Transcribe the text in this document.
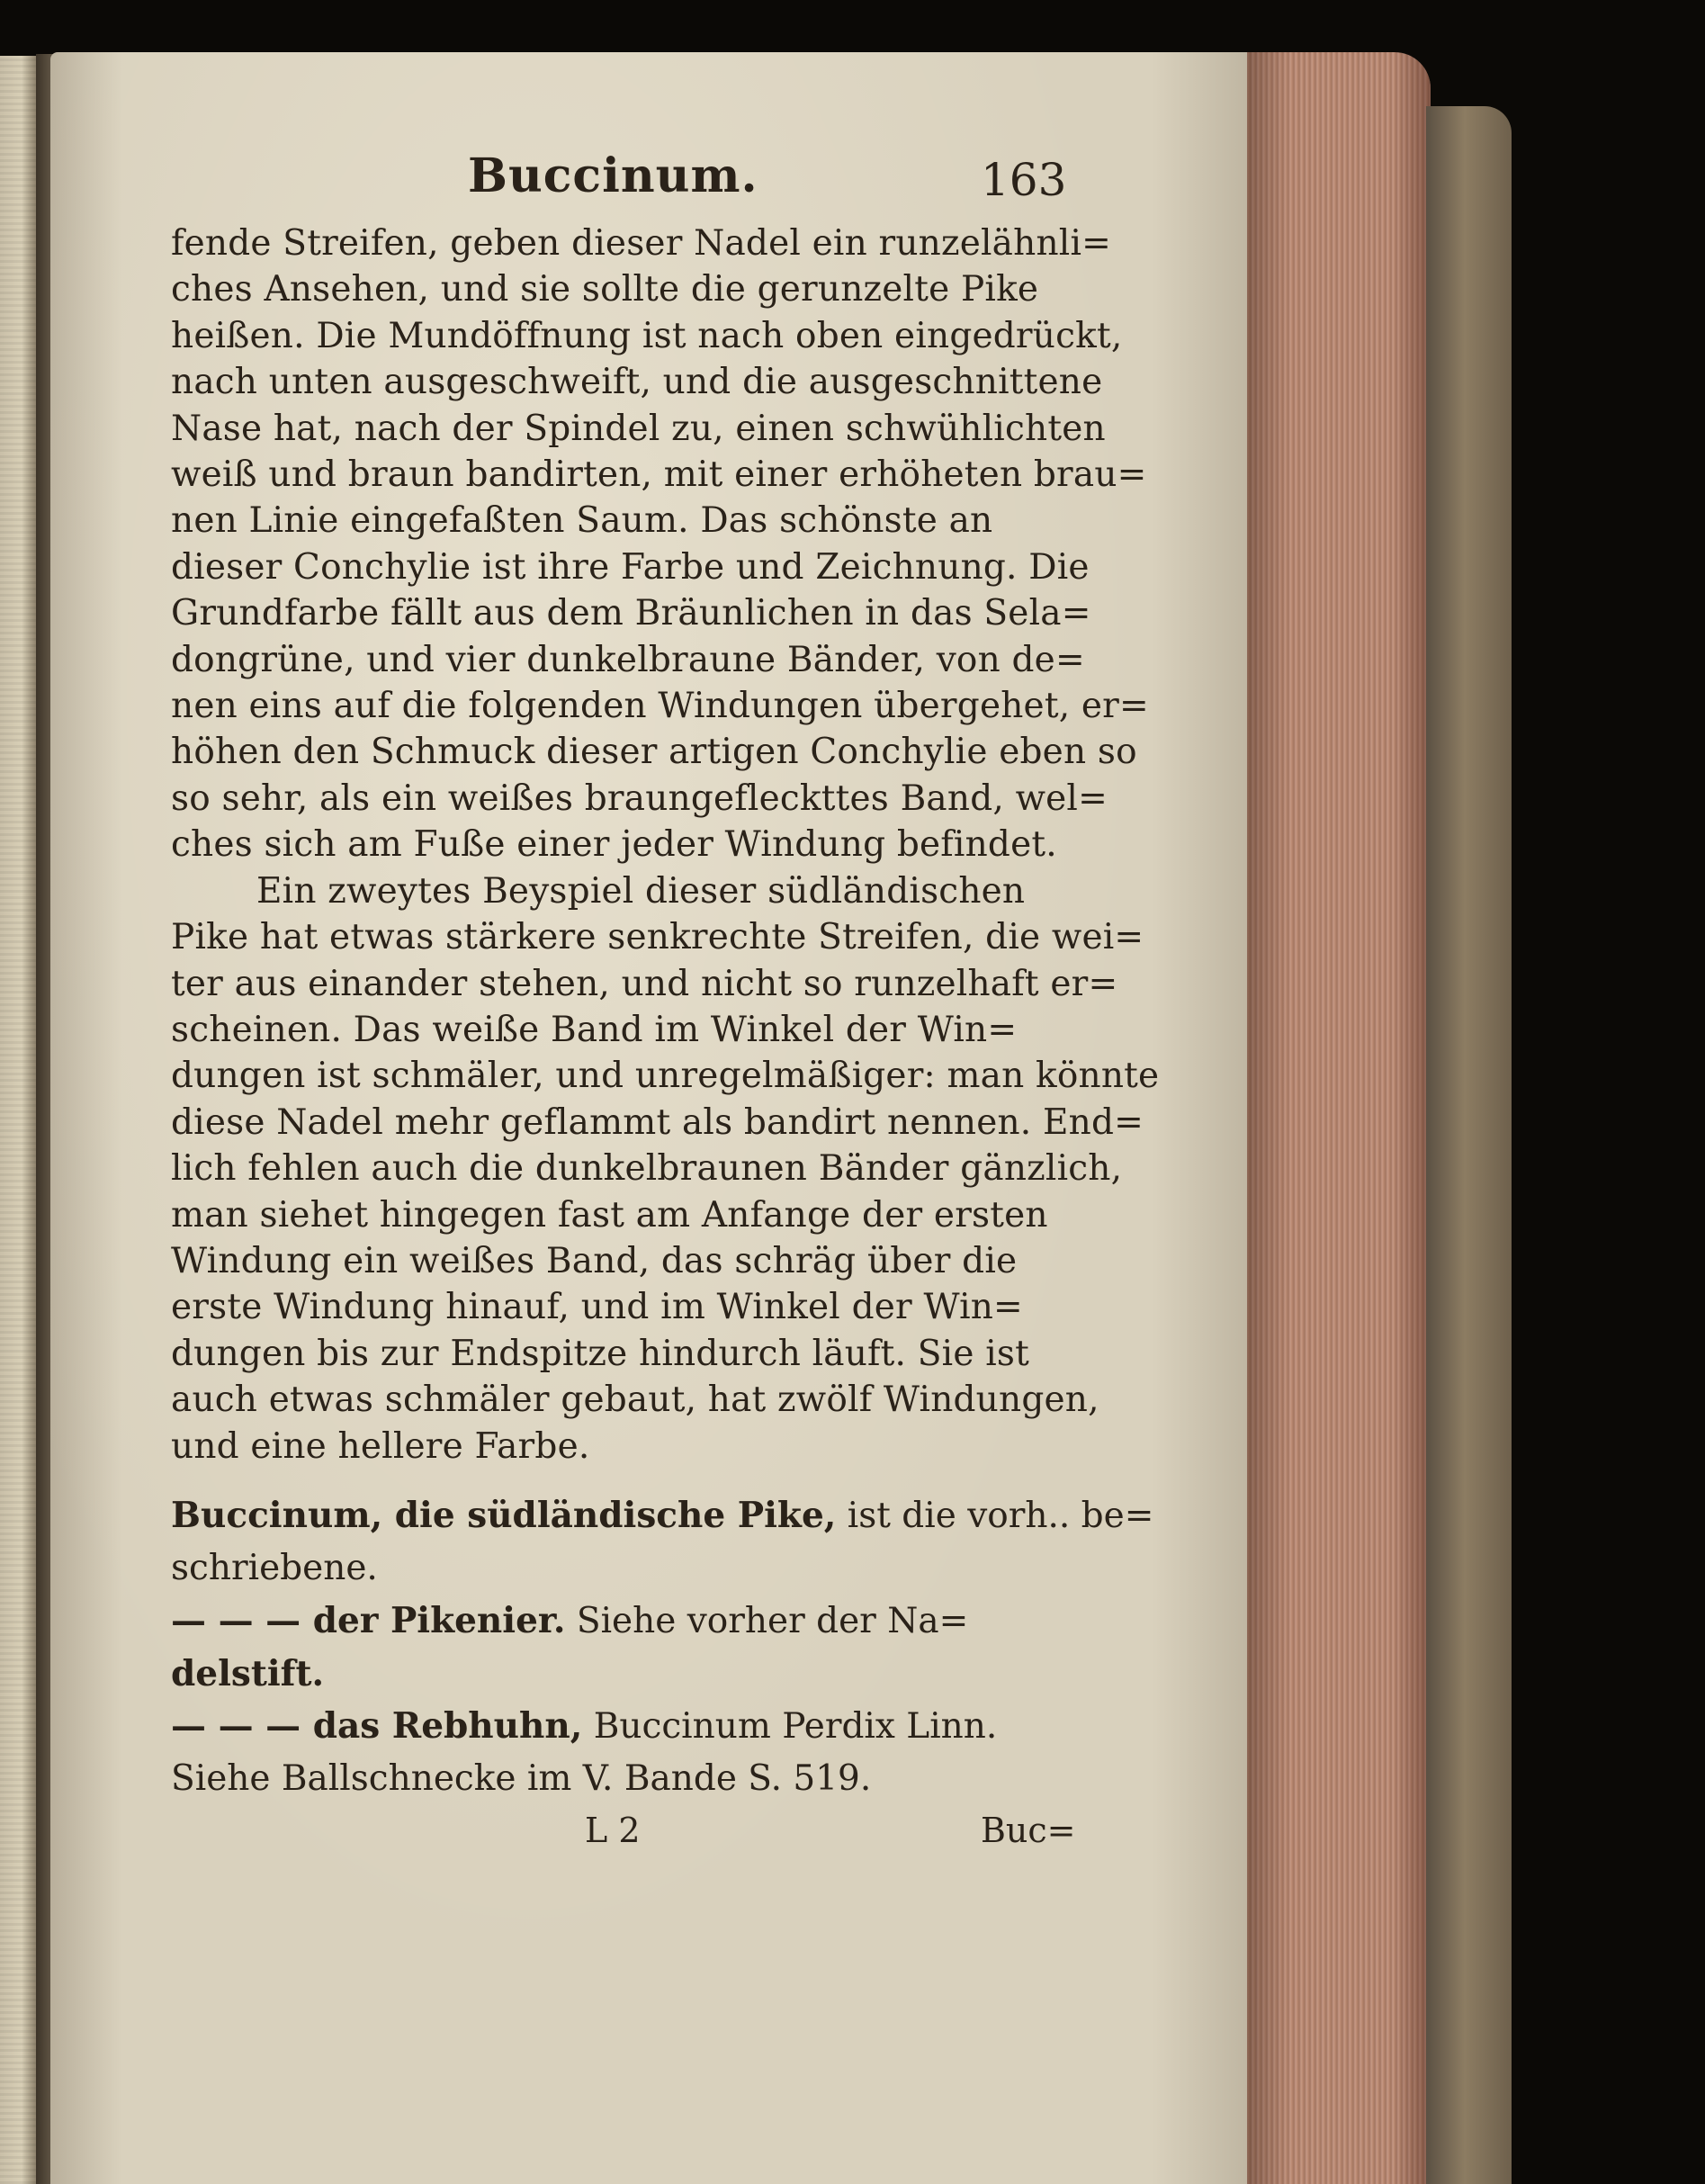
Buccinum.	163
fende Streifen, geben dieser Nadel ein runzelähnli=
ches Ansehen, und sie sollte die gerunzelte Pike
heißen. Die Mundöffnung ist nach oben eingedrückt,
nach unten ausgeschweift, und die ausgeschnittene
Nase hat, nach der Spindel zu, einen schwühlichten
weiß und braun bandirten, mit einer erhöheten brau=
nen Linie eingefaßten Saum. Das schönste an
dieser Conchylie ist ihre Farbe und Zeichnung. Die
Grundfarbe fällt aus dem Bräunlichen in das Sela=
dongrüne, und vier dunkelbraune Bänder, von de=
nen eins auf die folgenden Windungen übergehet, er=
höhen den Schmuck dieser artigen Conchylie eben so
so sehr, als ein weißes braungefleckttes Band, wel=
ches sich am Fuße einer jeder Windung befindet.
Ein zweytes Beyspiel dieser südländischen
Pike hat etwas stärkere senkrechte Streifen, die wei=
ter aus einander stehen, und nicht so runzelhaft er=
scheinen. Das weiße Band im Winkel der Win=
dungen ist schmäler, und unregelmäßiger: man könnte
diese Nadel mehr geflammt als bandirt nennen. End=
lich fehlen auch die dunkelbraunen Bänder gänzlich,
man siehet hingegen fast am Anfange der ersten
Windung ein weißes Band, das schräg über die
erste Windung hinauf, und im Winkel der Win=
dungen bis zur Endspitze hindurch läuft. Sie ist
auch etwas schmäler gebaut, hat zwölf Windungen,
und eine hellere Farbe.
Buccinum, die südländische Pike, ist die vorh.. be=
schriebene.
— — — der Pikenier. Siehe vorher der Na=
delstift.
— — — das Rebhuhn, Buccinum Perdix Linn.
Siehe Ballschnecke im V. Bande S. 519.
L 2	Buc=
